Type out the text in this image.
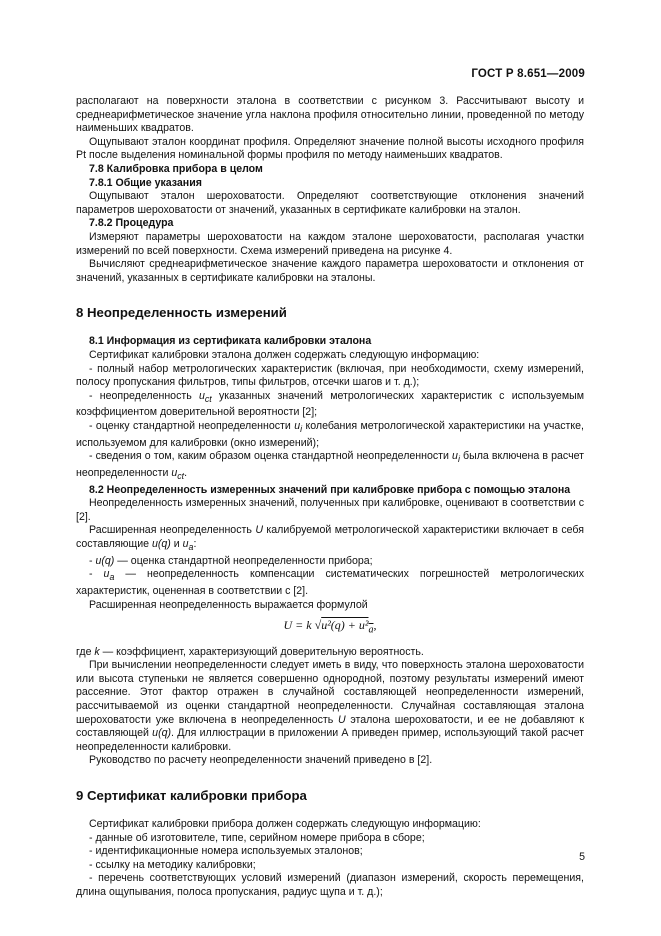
ГОСТ Р 8.651—2009

располагают на поверхности эталона в соответствии с рисунком 3. Рассчитывают высоту и среднеарифметическое значение угла наклона профиля относительно линии, проведенной по методу наименьших квадратов.

Ощупывают эталон координат профиля. Определяют значение полной высоты исходного профиля Pt после выделения номинальной формы профиля по методу наименьших квадратов.

7.8 Калибровка прибора в целом

7.8.1 Общие указания

Ощупывают эталон шероховатости. Определяют соответствующие отклонения значений параметров шероховатости от значений, указанных в сертификате калибровки на эталон.

7.8.2 Процедура

Измеряют параметры шероховатости на каждом эталоне шероховатости, располагая участки измерений по всей поверхности. Схема измерений приведена на рисунке 4.

Вычисляют среднеарифметическое значение каждого параметра шероховатости и отклонения от значений, указанных в сертификате калибровки на эталоны.

8 Неопределенность измерений

8.1 Информация из сертификата калибровки эталона

Сертификат калибровки эталона должен содержать следующую информацию:

- полный набор метрологических характеристик (включая, при необходимости, схему измерений, полосу пропускания фильтров, типы фильтров, отсечки шагов и т. д.);

- неопределенность $u_{ct}$ указанных значений метрологических характеристик с используемым коэффициентом доверительной вероятности [2];

- оценку стандартной неопределенности $u_i$ колебания метрологической характеристики на участке, используемом для калибровки (окно измерений);

- сведения о том, каким образом оценка стандартной неопределенности $u_i$ была включена в расчет неопределенности $u_{ct}$.

8.2 Неопределенность измеренных значений при калибровке прибора с помощью эталона

Неопределенность измеренных значений, полученных при калибровке, оценивают в соответствии с [2].

Расширенная неопределенность U калибруемой метрологической характеристики включает в себя составляющие u(q) и $u_a$:

- u(q) — оценка стандартной неопределенности прибора;

- $u_a$ — неопределенность компенсации систематических погрешностей метрологических характеристик, оцененная в соответствии с [2].

Расширенная неопределенность выражается формулой

U = k $√u^2(q) + u^2_a$,

где k — коэффициент, характеризующий доверительную вероятность.

При вычислении неопределенности следует иметь в виду, что поверхность эталона шероховатости или высота ступеньки не является совершенно однородной, поэтому результаты измерений имеют рассеяние. Этот фактор отражен в случайной составляющей неопределенности измерений, рассчитываемой из оценки стандартной неопределенности. Случайная составляющая эталона шероховатости уже включена в неопределенность U эталона шероховатости, и ее не добавляют к составляющей u(q). Для иллюстрации в приложении А приведен пример, использующий такой расчет неопределенности калибровки.

Руководство по расчету неопределенности значений приведено в [2].

9 Сертификат калибровки прибора

Сертификат калибровки прибора должен содержать следующую информацию:

- данные об изготовителе, типе, серийном номере прибора в сборе;

- идентификационные номера используемых эталонов;

- ссылку на методику калибровки;

- перечень соответствующих условий измерений (диапазон измерений, скорость перемещения, длина ощупывания, полоса пропускания, радиус щупа и т. д.);

5
